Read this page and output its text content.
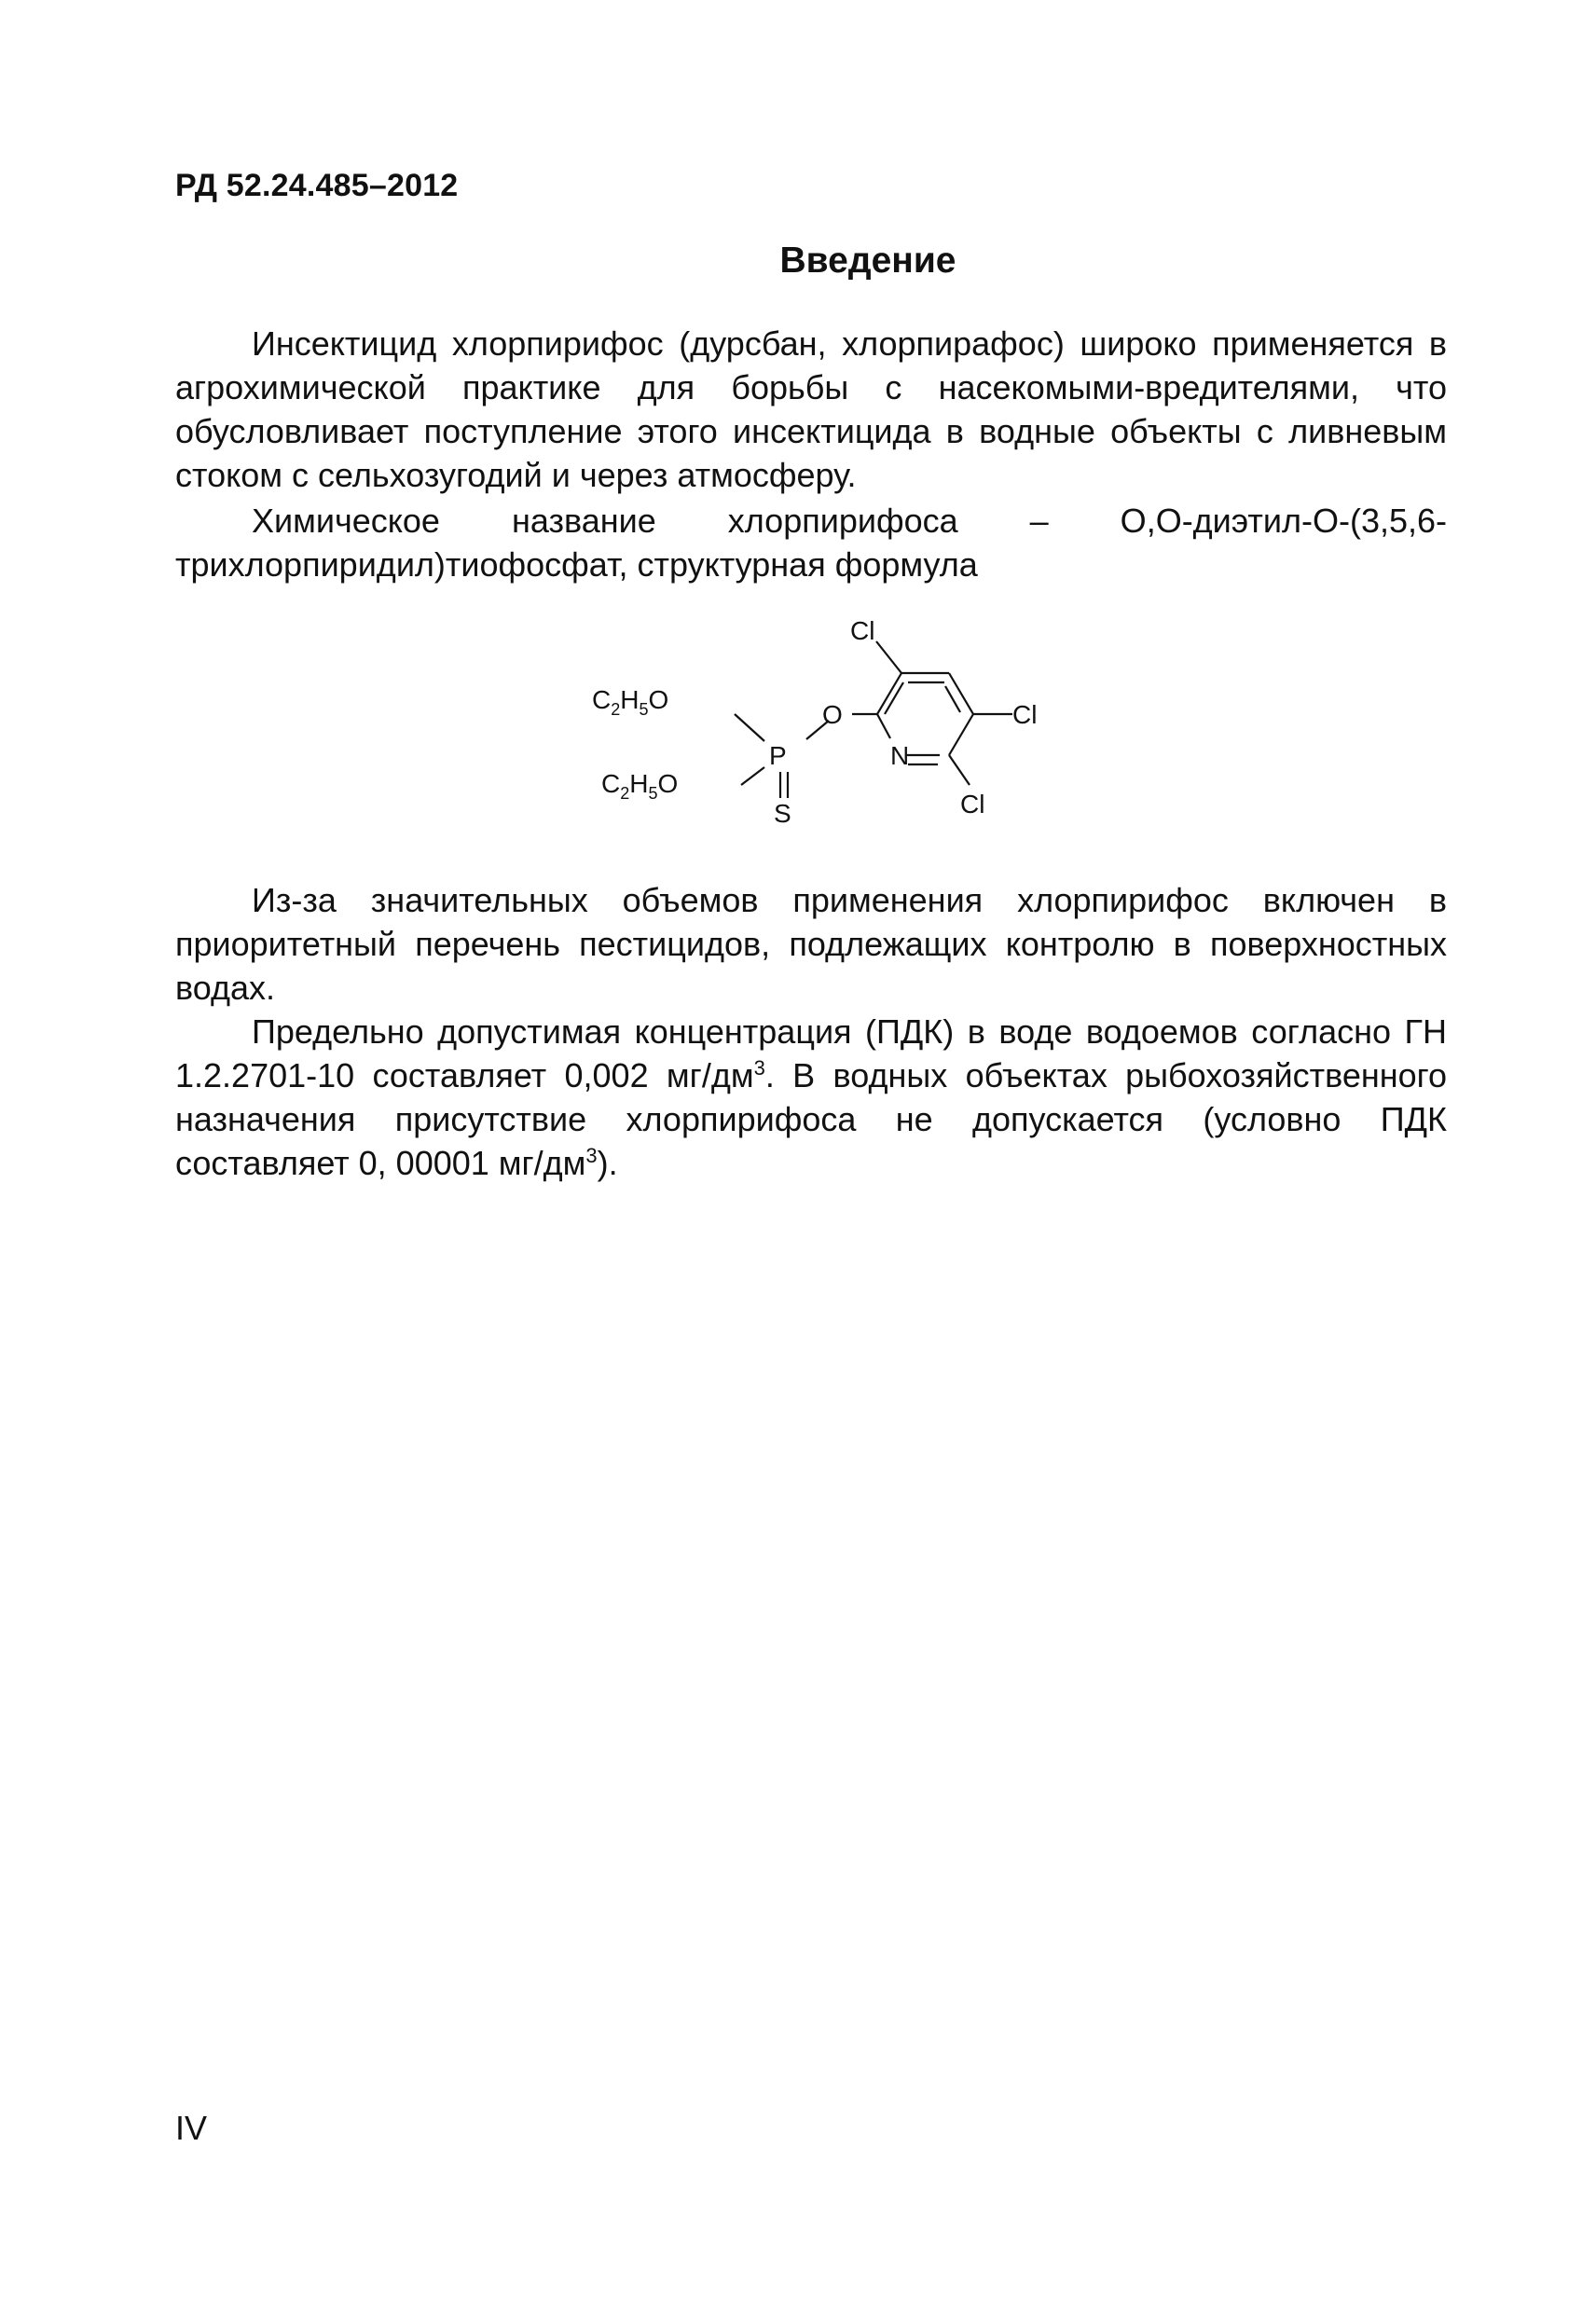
РД 52.24.485–2012
Введение

Инсектицид хлорпирифос (дурсбан, хлорпирафос) широко применяется в агрохимической практике для борьбы с насекомыми-вредителями, что обусловливает поступление этого инсектицида в водные объекты с ливневым стоком с сельхозугодий и через атмосферу.

Химическое название хлорпирифоса – О,О-диэтил-О-(3,5,6-трихлорпиридил)тиофосфат, структурная формула

Cl
Cl
Cl
O
N
P
S
$C_2H_5O$
$C_2H_5O$

Из-за значительных объемов применения хлорпирифос включен в приоритетный перечень пестицидов, подлежащих контролю в поверхностных водах.

Предельно допустимая концентрация (ПДК) в воде водоемов согласно ГН 1.2.2701-10 составляет 0,002 $мг/дм^3$. В водных объектах рыбохозяйственного назначения присутствие хлорпирифоса не допускается (условно ПДК составляет 0, 00001 $мг/дм^3$).

IV
